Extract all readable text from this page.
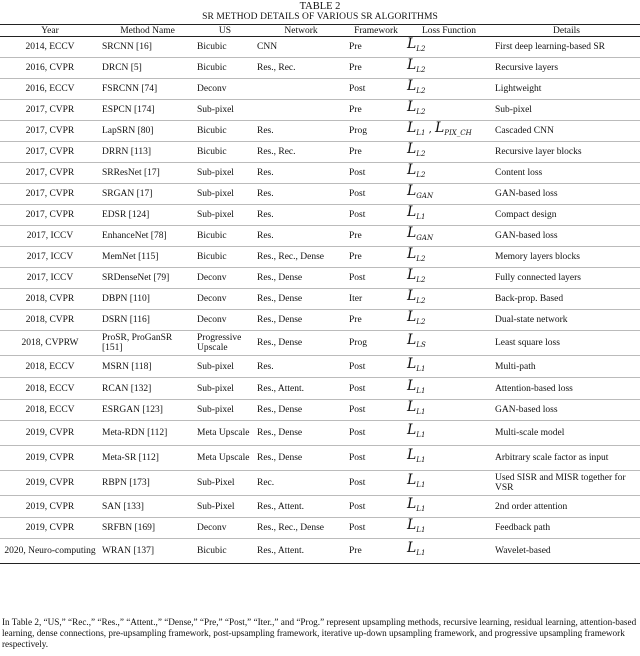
TABLE 2
SR METHOD DETAILS OF VARIOUS SR ALGORITHMS
Year	Method Name	US	Network	Framework	Loss Function	Details
2014, ECCV	SRCNN [16]	Bicubic	CNN	Pre	$L_{L2}$	First deep learning-based SR
2016, CVPR	DRCN [5]	Bicubic	Res., Rec.	Pre	$L_{L2}$	Recursive layers
2016, ECCV	FSRCNN [74]	Deconv		Post	$L_{L2}$	Lightweight
2017, CVPR	ESPCN [174]	Sub-pixel		Pre	$L_{L2}$	Sub-pixel
2017, CVPR	LapSRN [80]	Bicubic	Res.	Prog	$L_{L1}$ , $L_{PIX\_CH}$	Cascaded CNN
2017, CVPR	DRRN [113]	Bicubic	Res., Rec.	Pre	$L_{L2}$	Recursive layer blocks
2017, CVPR	SRResNet [17]	Sub-pixel	Res.	Post	$L_{L2}$	Content loss
2017, CVPR	SRGAN [17]	Sub-pixel	Res.	Post	$L_{GAN}$	GAN-based loss
2017, CVPR	EDSR [124]	Sub-pixel	Res.	Post	$L_{L1}$	Compact design
2017, ICCV	EnhanceNet [78]	Bicubic	Res.	Pre	$L_{GAN}$	GAN-based loss
2017, ICCV	MemNet [115]	Bicubic	Res., Rec., Dense	Pre	$L_{L2}$	Memory layers blocks
2017, ICCV	SRDenseNet [79]	Deconv	Res., Dense	Post	$L_{L2}$	Fully connected layers
2018, CVPR	DBPN [110]	Deconv	Res., Dense	Iter	$L_{L2}$	Back-prop. Based
2018, CVPR	DSRN [116]	Deconv	Res., Dense	Pre	$L_{L2}$	Dual-state network
2018, CVPRW	ProSR, ProGanSR [151]	Progressive Upscale	Res., Dense	Prog	$L_{LS}$	Least square loss
2018, ECCV	MSRN [118]	Sub-pixel	Res.	Post	$L_{L1}$	Multi-path
2018, ECCV	RCAN [132]	Sub-pixel	Res., Attent.	Post	$L_{L1}$	Attention-based loss
2018, ECCV	ESRGAN [123]	Sub-pixel	Res., Dense	Post	$L_{L1}$	GAN-based loss
2019, CVPR	Meta-RDN [112]	Meta Upscale	Res., Dense	Post	$L_{L1}$	Multi-scale model
2019, CVPR	Meta-SR [112]	Meta Upscale	Res., Dense	Post	$L_{L1}$	Arbitrary scale factor as input
2019, CVPR	RBPN [173]	Sub-Pixel	Rec.	Post	$L_{L1}$	Used SISR and MISR together for VSR
2019, CVPR	SAN [133]	Sub-Pixel	Res., Attent.	Post	$L_{L1}$	2nd order attention
2019, CVPR	SRFBN [169]	Deconv	Res., Rec., Dense	Post	$L_{L1}$	Feedback path
2020, Neuro-computing	WRAN [137]	Bicubic	Res., Attent.	Pre	$L_{L1}$	Wavelet-based
In Table 2, “US,” “Rec.,” “Res.,” “Attent.,” “Dense,” “Pre,” “Post,” “Iter.,” and “Prog.” represent upsampling methods, recursive learning, residual learning, attention-based learning, dense connections, pre-upsampling framework, post-upsampling framework, iterative up-down upsampling framework, and progressive upsampling framework respectively.
